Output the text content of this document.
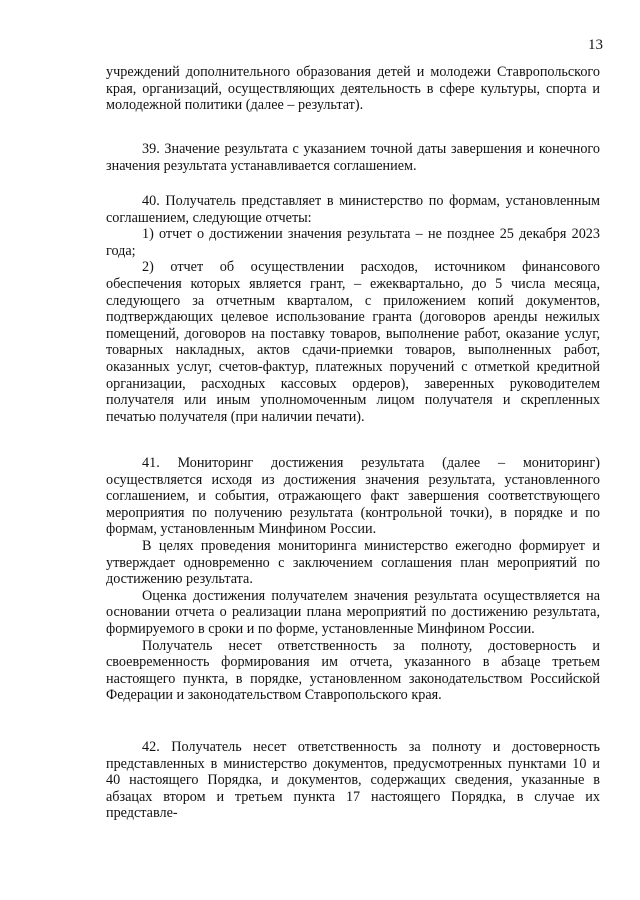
13

учреждений дополнительного образования детей и молодежи Ставропольского края, организаций, осуществляющих деятельность в сфере культуры, спорта и молодежной политики (далее – результат).

39. Значение результата с указанием точной даты завершения и конечного значения результата устанавливается соглашением.

40. Получатель представляет в министерство по формам, установленным соглашением, следующие отчеты:

1) отчет о достижении значения результата – не позднее 25 декабря 2023 года;

2) отчет об осуществлении расходов, источником финансового обеспечения которых является грант, – ежеквартально, до 5 числа месяца, следующего за отчетным кварталом, с приложением копий документов, подтверждающих целевое использование гранта (договоров аренды нежилых помещений, договоров на поставку товаров, выполнение работ, оказание услуг, товарных накладных, актов сдачи-приемки товаров, выполненных работ, оказанных услуг, счетов-фактур, платежных поручений с отметкой кредитной организации, расходных кассовых ордеров), заверенных руководителем получателя или иным уполномоченным лицом получателя и скрепленных печатью получателя (при наличии печати).

41. Мониторинг достижения результата (далее – мониторинг) осуществляется исходя из достижения значения результата, установленного соглашением, и события, отражающего факт завершения соответствующего мероприятия по получению результата (контрольной точки), в порядке и по формам, установленным Минфином России.

В целях проведения мониторинга министерство ежегодно формирует и утверждает одновременно с заключением соглашения план мероприятий по достижению результата.

Оценка достижения получателем значения результата осуществляется на основании отчета о реализации плана мероприятий по достижению результата, формируемого в сроки и по форме, установленные Минфином России.

Получатель несет ответственность за полноту, достоверность и своевременность формирования им отчета, указанного в абзаце третьем настоящего пункта, в порядке, установленном законодательством Российской Федерации и законодательством Ставропольского края.

42. Получатель несет ответственность за полноту и достоверность представленных в министерство документов, предусмотренных пунктами 10 и 40 настоящего Порядка, и документов, содержащих сведения, указанные в абзацах втором и третьем пункта 17 настоящего Порядка, в случае их представле-
